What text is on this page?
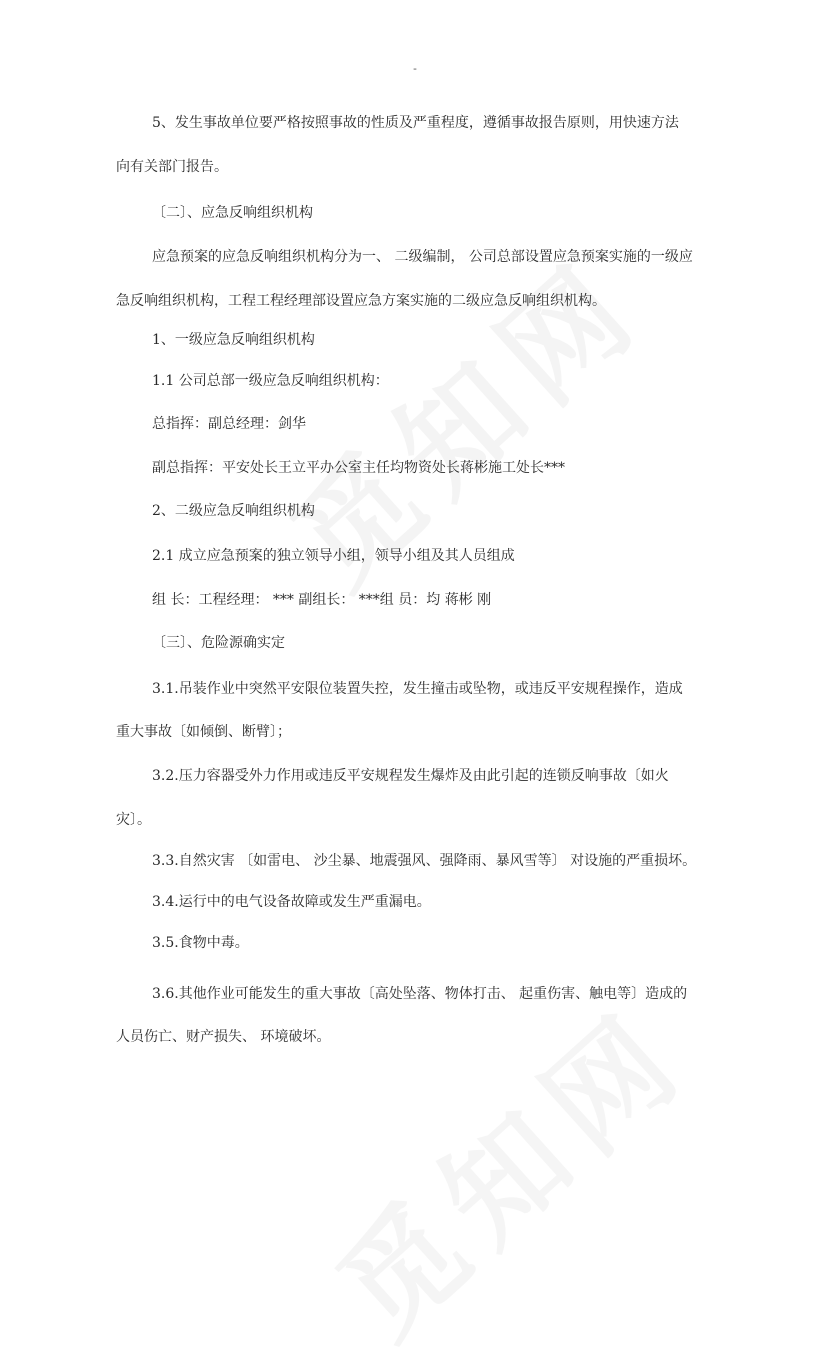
-
5、发生事故单位要严格按照事故的性质及严重程度，遵循事故报告原则，用快速方法
向有关部门报告。
〔二〕、应急反响组织机构
应急预案的应急反响组织机构分为一、 二级编制， 公司总部设置应急预案实施的一级应
急反响组织机构，工程工程经理部设置应急方案实施的二级应急反响组织机构。
1、一级应急反响组织机构
1.1 公司总部一级应急反响组织机构：
总指挥：副总经理：剑华
副总指挥：平安处长王立平办公室主任均物资处长蒋彬施工处长***
2、二级应急反响组织机构
2.1 成立应急预案的独立领导小组，领导小组及其人员组成
组 长：工程经理： *** 副组长： ***组 员：均 蒋彬 刚
〔三〕、危险源确实定
3.1.吊装作业中突然平安限位装置失控，发生撞击或坠物，或违反平安规程操作，造成
重大事故〔如倾倒、断臂〕；
3.2.压力容器受外力作用或违反平安规程发生爆炸及由此引起的连锁反响事故〔如火
灾〕。
3.3.自然灾害 〔如雷电、 沙尘暴、地震强风、强降雨、暴风雪等〕 对设施的严重损坏。
3.4.运行中的电气设备故障或发生严重漏电。
3.5.食物中毒。
3.6.其他作业可能发生的重大事故〔高处坠落、物体打击、 起重伤害、触电等〕造成的
人员伤亡、财产损失、 环境破坏。
